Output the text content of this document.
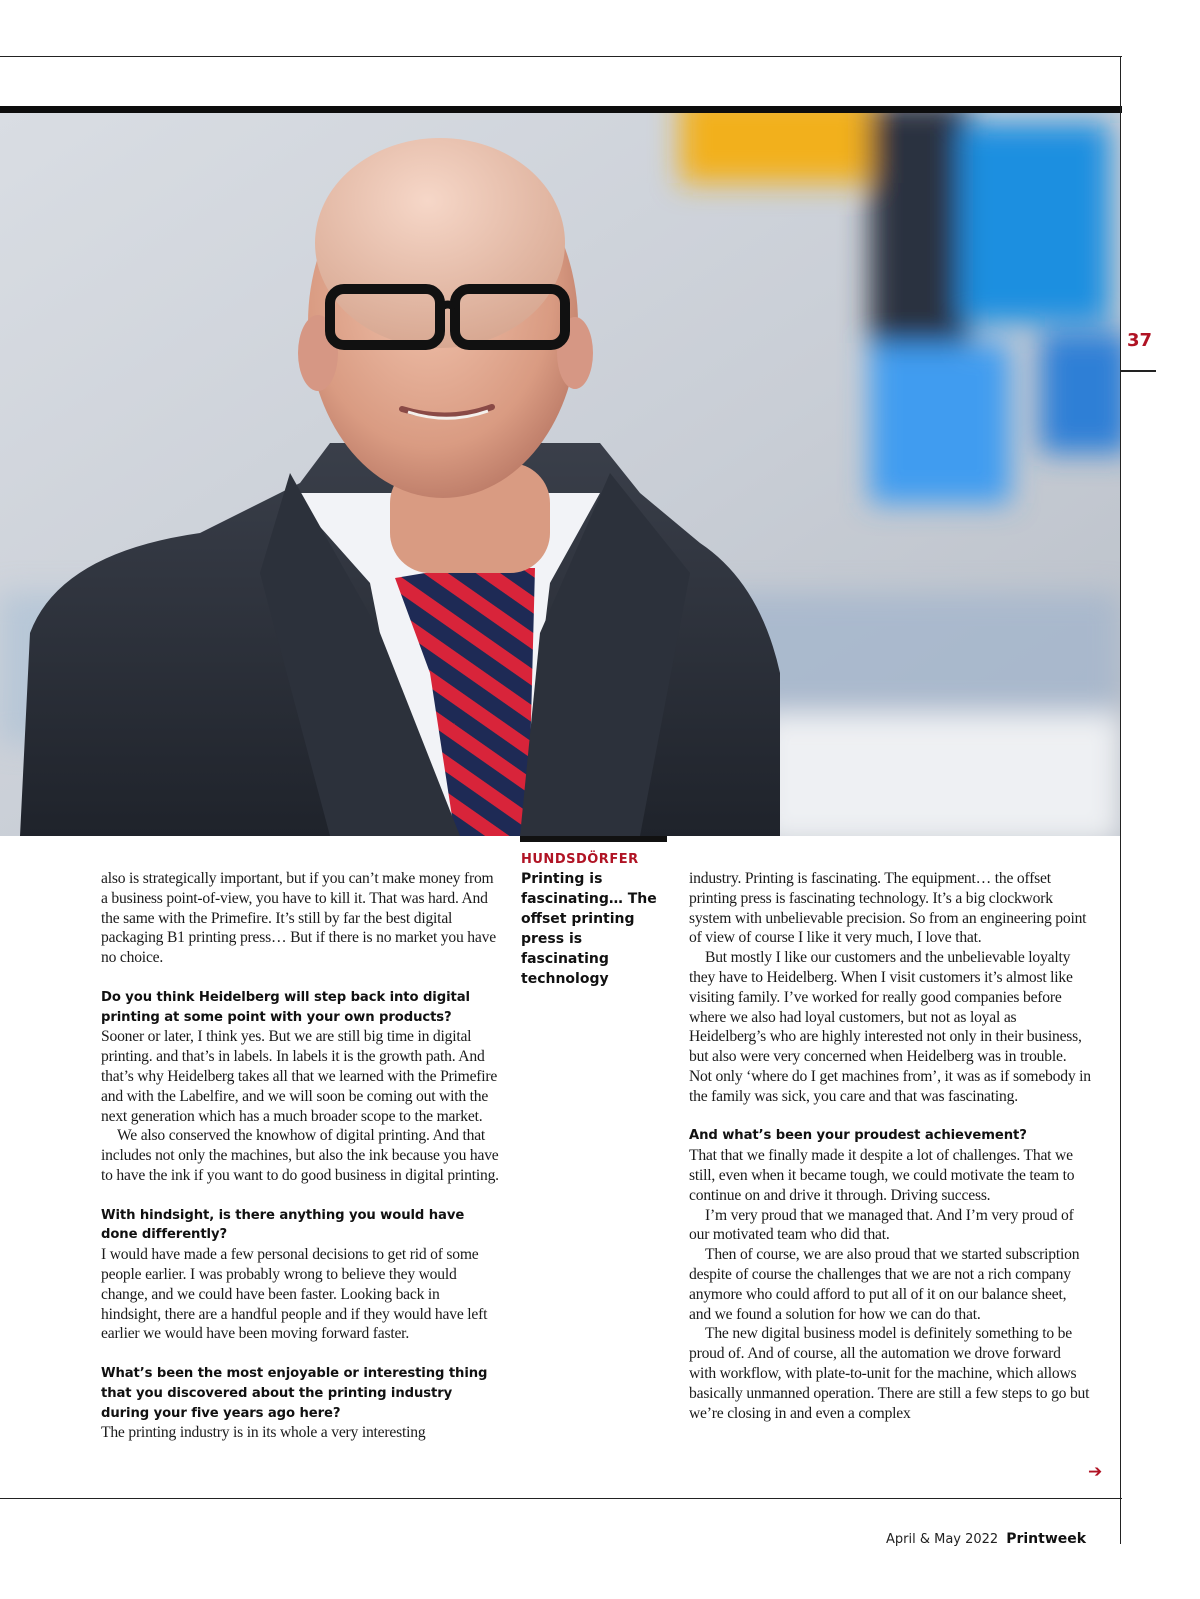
37
HUNDSDÖRFER
Printing is fascinating… The offset printing press is fascinating technology

also is strategically important, but if you can’t make money from a business point-of-view, you have to kill it. That was hard. And the same with the Primefire. It’s still by far the best digital packaging B1 printing press… But if there is no market you have no choice.

Do you think Heidelberg will step back into digital printing at some point with your own products?

Sooner or later, I think yes. But we are still big time in digital printing. and that’s in labels. In labels it is the growth path. And that’s why Heidelberg takes all that we learned with the Primefire and with the Labelfire, and we will soon be coming out with the next generation which has a much broader scope to the market.

We also conserved the knowhow of digital printing. And that includes not only the machines, but also the ink because you have to have the ink if you want to do good business in digital printing.

With hindsight, is there anything you would have done differently?

I would have made a few personal decisions to get rid of some people earlier. I was probably wrong to believe they would change, and we could have been faster. Looking back in hindsight, there are a handful people and if they would have left earlier we would have been moving forward faster.

What’s been the most enjoyable or interesting thing that you discovered about the printing industry during your five years ago here?

The printing industry is in its whole a very interesting

industry. Printing is fascinating. The equipment… the offset printing press is fascinating technology. It’s a big clockwork system with unbelievable precision. So from an engineering point of view of course I like it very much, I love that.

But mostly I like our customers and the unbelievable loyalty they have to Heidelberg. When I visit customers it’s almost like visiting family. I’ve worked for really good companies before where we also had loyal customers, but not as loyal as Heidelberg’s who are highly interested not only in their business, but also were very concerned when Heidelberg was in trouble. Not only ‘where do I get machines from’, it was as if somebody in the family was sick, you care and that was fascinating.

And what’s been your proudest achievement?

That that we finally made it despite a lot of challenges. That we still, even when it became tough, we could motivate the team to continue on and drive it through. Driving success.

I’m very proud that we managed that. And I’m very proud of our motivated team who did that.

Then of course, we are also proud that we started subscription despite of course the challenges that we are not a rich company anymore who could afford to put all of it on our balance sheet, and we found a solution for how we can do that.

The new digital business model is definitely something to be proud of. And of course, all the automation we drove forward with workflow, with plate-to-unit for the machine, which allows basically unmanned operation. There are still a few steps to go but we’re closing in and even a complex

➔
April & May 2022 Printweek
